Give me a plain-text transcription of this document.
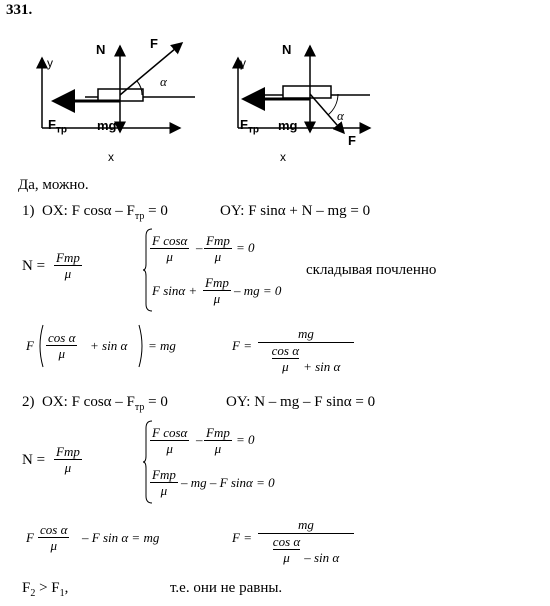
331.
N	F
α
y
x
mg
$F_{тр}$
N
y
α
F
x
mg
$F_{тр}$
Да, можно.
1) OX: F $\cos\alpha - F_{тр} = 0$	OY: F sinα + N – mg = 0
N =
Fтр
μ
$\frac{\text{F cosα}}{\mu}$ – Fтр
μ
= 0
F sinα +
Fтр
μ
– mg = 0
складывая почленно
F $\frac{\text{cos α}}{\mu} + \sin \alpha$ = mg	F =
mg
$\frac{\text{cos α}}{\mu} + \sin \alpha$
2) OX: F $\cos\alpha - F_{тр} = 0$	OY: N – mg – F sinα = 0
N =
Fтр
μ
$\frac{\text{F cosα}}{\mu}$ – Fтр
μ
= 0
Fтр
μ
– mg – F sinα = 0
F $\frac{\text{cos α}}{\mu}$ – F sin α = mg	F =
mg
$\frac{\text{cos α}}{\mu}$ – sin α
$F_2 > F_1$,	т.е. они не равны.
